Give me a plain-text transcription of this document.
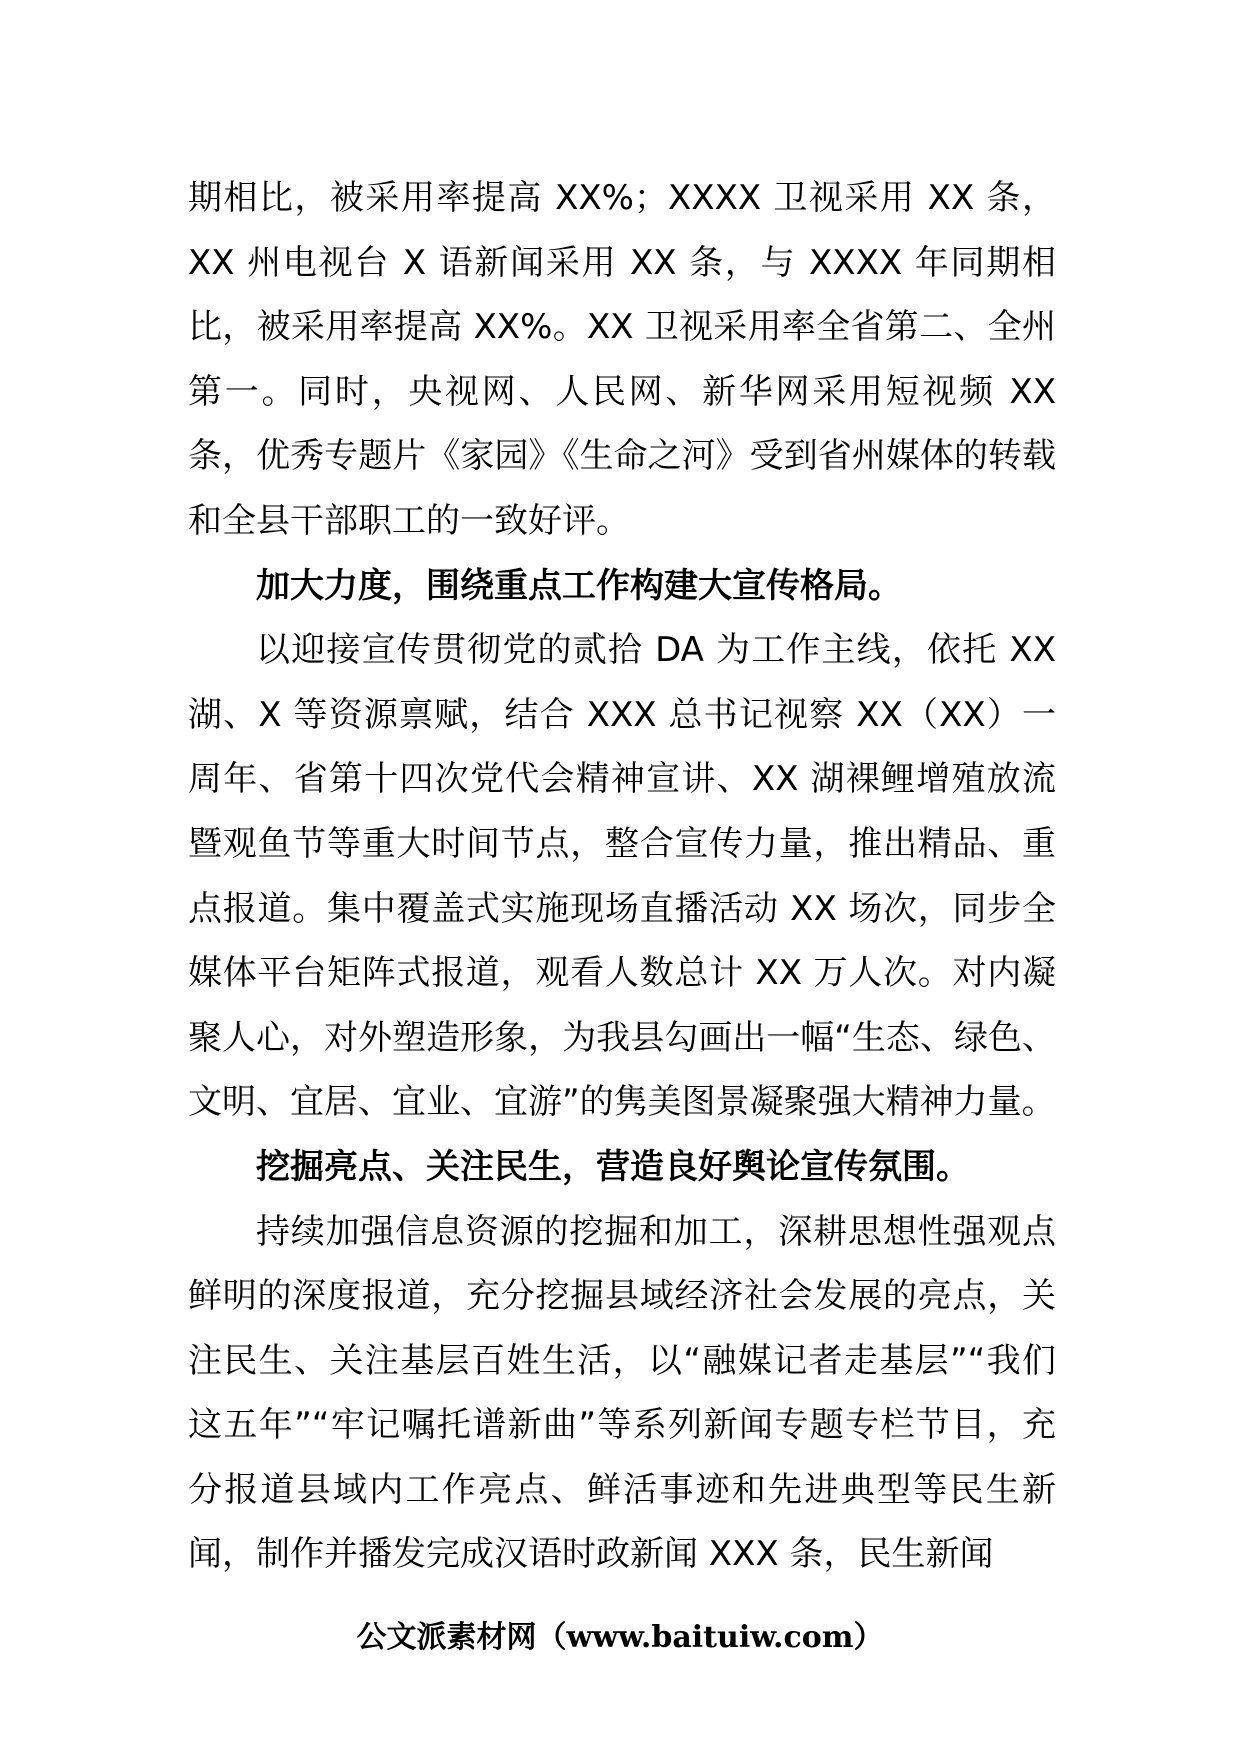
期相比，被采用率提高 XX%；XXXX 卫视采用 XX 条，XX 州电视台 X 语新闻采用 XX 条，与 XXXX 年同期相比，被采用率提高 XX%。XX 卫视采用率全省第二、全州第一。同时，央视网、人民网、新华网采用短视频 XX 条，优秀专题片《家园》《生命之河》受到省州媒体的转载和全县干部职工的一致好评。

加大力度，围绕重点工作构建大宣传格局。

以迎接宣传贯彻党的贰拾 DA 为工作主线，依托 XX 湖、X 等资源禀赋，结合 XXX 总书记视察 XX（XX）一周年、省第十四次党代会精神宣讲、XX 湖裸鲤增殖放流暨观鱼节等重大时间节点，整合宣传力量，推出精品、重点报道。集中覆盖式实施现场直播活动 XX 场次，同步全媒体平台矩阵式报道，观看人数总计 XX 万人次。对内凝聚人心，对外塑造形象，为我县勾画出一幅“生态、绿色、文明、宜居、宜业、宜游”的隽美图景凝聚强大精神力量。

挖掘亮点、关注民生，营造良好舆论宣传氛围。

持续加强信息资源的挖掘和加工，深耕思想性强观点鲜明的深度报道，充分挖掘县域经济社会发展的亮点，关注民生、关注基层百姓生活，以“融媒记者走基层”“我们这五年”“牢记嘱托谱新曲”等系列新闻专题专栏节目，充分报道县域内工作亮点、鲜活事迹和先进典型等民生新闻，制作并播发完成汉语时政新闻 XXX 条，民生新闻

公文派素材网（www.baituiw.com）
